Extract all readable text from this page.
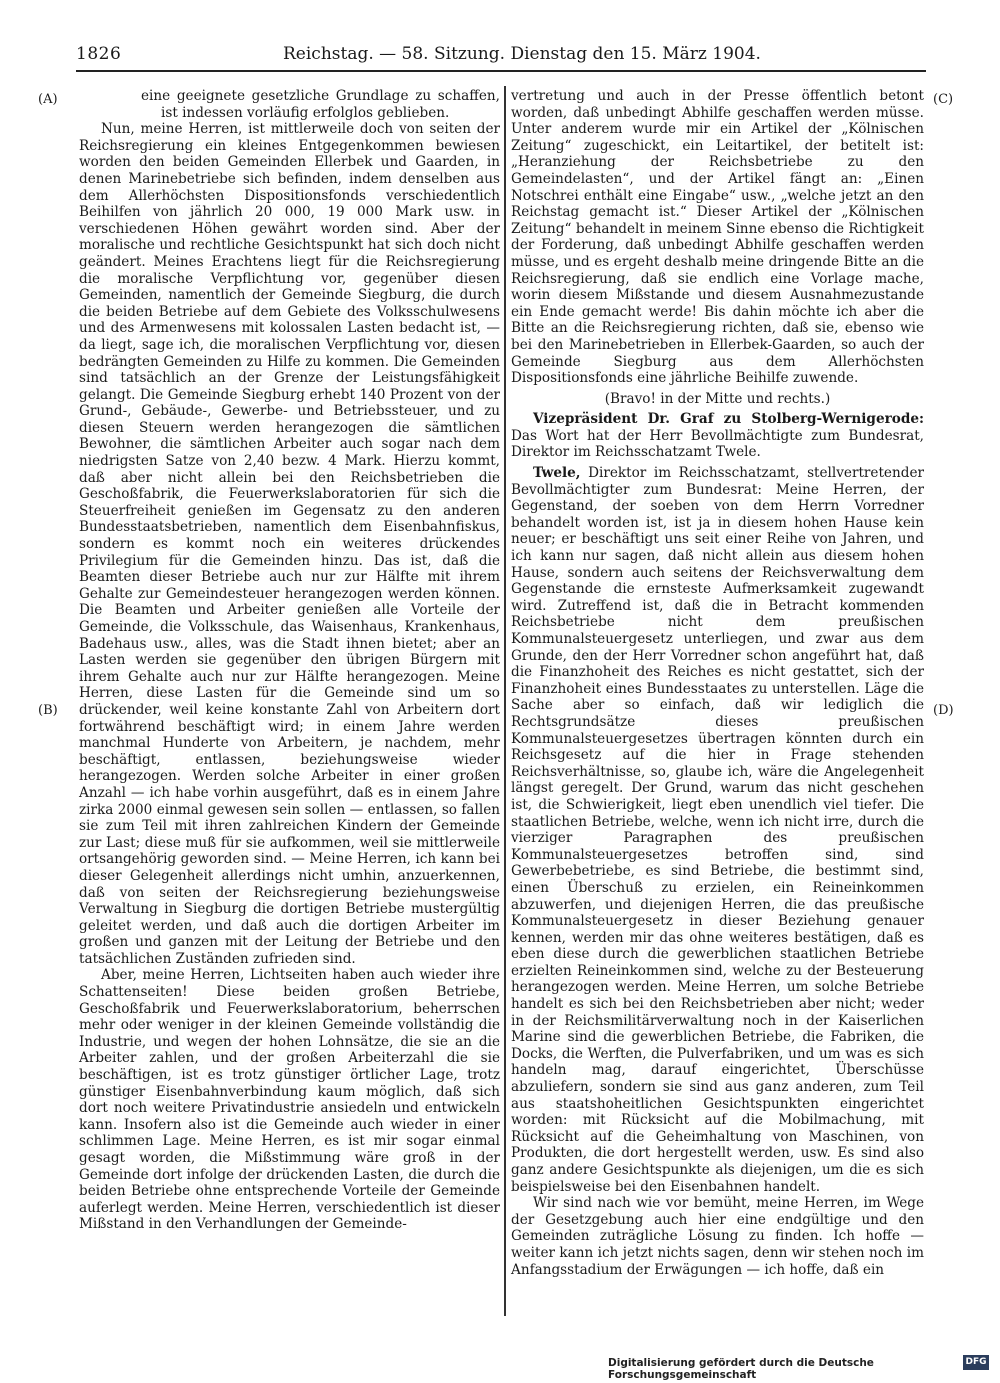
1826	Reichstag. — 58. Sitzung. Dienstag den 15. März 1904.
(A)
(B)
(C)
(D)

eine geeignete gesetzliche Grundlage zu schaffen, ist indessen vorläufig erfolglos geblieben.

Nun, meine Herren, ist mittlerweile doch von seiten der Reichsregierung ein kleines Entgegenkommen bewiesen worden den beiden Gemeinden Ellerbek und Gaarden, in denen Marinebetriebe sich befinden, indem denselben aus dem Allerhöchsten Dispositionsfonds verschiedentlich Beihilfen von jährlich 20 000, 19 000 Mark usw. in verschiedenen Höhen gewährt worden sind. Aber der moralische und rechtliche Gesichtspunkt hat sich doch nicht geändert. Meines Erachtens liegt für die Reichsregierung die moralische Verpflichtung vor, gegenüber diesen Gemeinden, namentlich der Gemeinde Siegburg, die durch die beiden Betriebe auf dem Gebiete des Volksschulwesens und des Armenwesens mit kolossalen Lasten bedacht ist, — da liegt, sage ich, die moralischen Verpflichtung vor, diesen bedrängten Gemeinden zu Hilfe zu kommen. Die Gemeinden sind tatsächlich an der Grenze der Leistungsfähigkeit gelangt. Die Gemeinde Siegburg erhebt 140 Prozent von der Grund-, Gebäude-, Gewerbe- und Betriebssteuer, und zu diesen Steuern werden herangezogen die sämtlichen Bewohner, die sämtlichen Arbeiter auch sogar nach dem niedrigsten Satze von 2,40 bezw. 4 Mark. Hierzu kommt, daß aber nicht allein bei den Reichsbetrieben die Geschoßfabrik, die Feuerwerkslaboratorien für sich die Steuerfreiheit genießen im Gegensatz zu den anderen Bundesstaatsbetrieben, namentlich dem Eisenbahnfiskus, sondern es kommt noch ein weiteres drückendes Privilegium für die Gemeinden hinzu. Das ist, daß die Beamten dieser Betriebe auch nur zur Hälfte mit ihrem Gehalte zur Gemeindesteuer herangezogen werden können. Die Beamten und Arbeiter genießen alle Vorteile der Gemeinde, die Volksschule, das Waisenhaus, Krankenhaus, Badehaus usw., alles, was die Stadt ihnen bietet; aber an Lasten werden sie gegenüber den übrigen Bürgern mit ihrem Gehalte auch nur zur Hälfte herangezogen. Meine Herren, diese Lasten für die Gemeinde sind um so drückender, weil keine konstante Zahl von Arbeitern dort fortwährend beschäftigt wird; in einem Jahre werden manchmal Hunderte von Arbeitern, je nachdem, mehr beschäftigt, entlassen, beziehungsweise wieder herangezogen. Werden solche Arbeiter in einer großen Anzahl — ich habe vorhin ausgeführt, daß es in einem Jahre zirka 2000 einmal gewesen sein sollen — entlassen, so fallen sie zum Teil mit ihren zahlreichen Kindern der Gemeinde zur Last; diese muß für sie aufkommen, weil sie mittlerweile ortsangehörig geworden sind. — Meine Herren, ich kann bei dieser Gelegenheit allerdings nicht umhin, anzuerkennen, daß von seiten der Reichsregierung beziehungsweise Verwaltung in Siegburg die dortigen Betriebe mustergültig geleitet werden, und daß auch die dortigen Arbeiter im großen und ganzen mit der Leitung der Betriebe und den tatsächlichen Zuständen zufrieden sind.

Aber, meine Herren, Lichtseiten haben auch wieder ihre Schattenseiten! Diese beiden großen Betriebe, Geschoßfabrik und Feuerwerkslaboratorium, beherrschen mehr oder weniger in der kleinen Gemeinde vollständig die Industrie, und wegen der hohen Lohnsätze, die sie an die Arbeiter zahlen, und der großen Arbeiterzahl die sie beschäftigen, ist es trotz günstiger örtlicher Lage, trotz günstiger Eisenbahnverbindung kaum möglich, daß sich dort noch weitere Privatindustrie ansiedeln und entwickeln kann. Insofern also ist die Gemeinde auch wieder in einer schlimmen Lage. Meine Herren, es ist mir sogar einmal gesagt worden, die Mißstimmung wäre groß in der Gemeinde dort infolge der drückenden Lasten, die durch die beiden Betriebe ohne entsprechende Vorteile der Gemeinde auferlegt werden. Meine Herren, verschiedentlich ist dieser Mißstand in den Verhandlungen der Gemeinde-

vertretung und auch in der Presse öffentlich betont worden, daß unbedingt Abhilfe geschaffen werden müsse. Unter anderem wurde mir ein Artikel der „Kölnischen Zeitung“ zugeschickt, ein Leitartikel, der betitelt ist: „Heranziehung der Reichsbetriebe zu den Gemeindelasten“, und der Artikel fängt an: „Einen Notschrei enthält eine Eingabe“ usw., „welche jetzt an den Reichstag gemacht ist.“ Dieser Artikel der „Kölnischen Zeitung“ behandelt in meinem Sinne ebenso die Richtigkeit der Forderung, daß unbedingt Abhilfe geschaffen werden müsse, und es ergeht deshalb meine dringende Bitte an die Reichsregierung, daß sie endlich eine Vorlage mache, worin diesem Mißstande und diesem Ausnahmezustande ein Ende gemacht werde! Bis dahin möchte ich aber die Bitte an die Reichsregierung richten, daß sie, ebenso wie bei den Marinebetrieben in Ellerbek-Gaarden, so auch der Gemeinde Siegburg aus dem Allerhöchsten Dispositionsfonds eine jährliche Beihilfe zuwende.

(Bravo! in der Mitte und rechts.)

Vizepräsident Dr. Graf zu Stolberg-Wernigerode: Das Wort hat der Herr Bevollmächtigte zum Bundesrat, Direktor im Reichsschatzamt Twele.

Twele, Direktor im Reichsschatzamt, stellvertretender Bevollmächtigter zum Bundesrat: Meine Herren, der Gegenstand, der soeben von dem Herrn Vorredner behandelt worden ist, ist ja in diesem hohen Hause kein neuer; er beschäftigt uns seit einer Reihe von Jahren, und ich kann nur sagen, daß nicht allein aus diesem hohen Hause, sondern auch seitens der Reichsverwaltung dem Gegenstande die ernsteste Aufmerksamkeit zugewandt wird. Zutreffend ist, daß die in Betracht kommenden Reichsbetriebe nicht dem preußischen Kommunalsteuergesetz unterliegen, und zwar aus dem Grunde, den der Herr Vorredner schon angeführt hat, daß die Finanzhoheit des Reiches es nicht gestattet, sich der Finanzhoheit eines Bundesstaates zu unterstellen. Läge die Sache aber so einfach, daß wir lediglich die Rechtsgrundsätze dieses preußischen Kommunalsteuergesetzes übertragen könnten durch ein Reichsgesetz auf die hier in Frage stehenden Reichsverhältnisse, so, glaube ich, wäre die Angelegenheit längst geregelt. Der Grund, warum das nicht geschehen ist, die Schwierigkeit, liegt eben unendlich viel tiefer. Die staatlichen Betriebe, welche, wenn ich nicht irre, durch die vierziger Paragraphen des preußischen Kommunalsteuergesetzes betroffen sind, sind Gewerbebetriebe, es sind Betriebe, die bestimmt sind, einen Überschuß zu erzielen, ein Reineinkommen abzuwerfen, und diejenigen Herren, die das preußische Kommunalsteuergesetz in dieser Beziehung genauer kennen, werden mir das ohne weiteres bestätigen, daß es eben diese durch die gewerblichen staatlichen Betriebe erzielten Reineinkommen sind, welche zu der Besteuerung herangezogen werden. Meine Herren, um solche Betriebe handelt es sich bei den Reichsbetrieben aber nicht; weder in der Reichsmilitärverwaltung noch in der Kaiserlichen Marine sind die gewerblichen Betriebe, die Fabriken, die Docks, die Werften, die Pulverfabriken, und um was es sich handeln mag, darauf eingerichtet, Überschüsse abzuliefern, sondern sie sind aus ganz anderen, zum Teil aus staatshoheitlichen Gesichtspunkten eingerichtet worden: mit Rücksicht auf die Mobilmachung, mit Rücksicht auf die Geheimhaltung von Maschinen, von Produkten, die dort hergestellt werden, usw. Es sind also ganz andere Gesichtspunkte als diejenigen, um die es sich beispielsweise bei den Eisenbahnen handelt.

Wir sind nach wie vor bemüht, meine Herren, im Wege der Gesetzgebung auch hier eine endgültige und den Gemeinden zuträgliche Lösung zu finden. Ich hoffe — weiter kann ich jetzt nichts sagen, denn wir stehen noch im Anfangsstadium der Erwägungen — ich hoffe, daß ein

Digitalisierung gefördert durch die Deutsche Forschungsgemeinschaft
DFG
